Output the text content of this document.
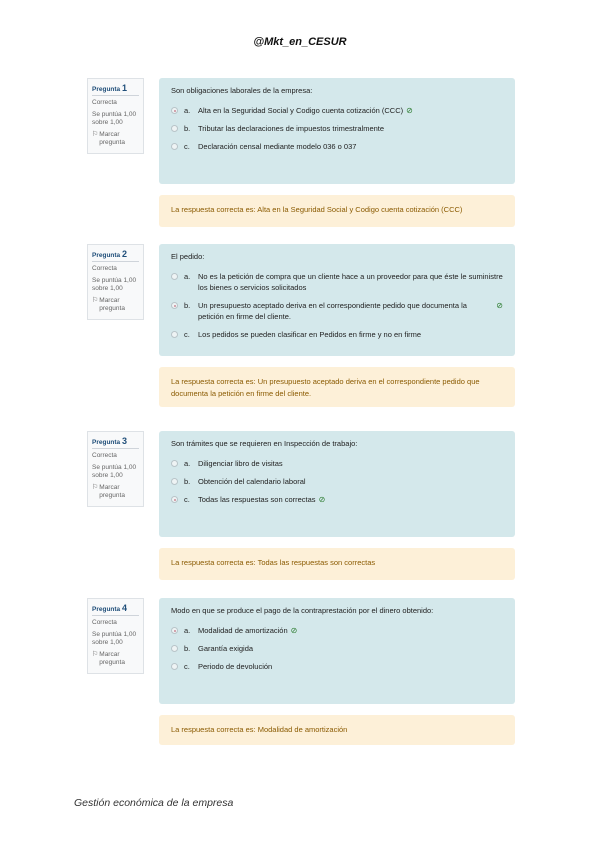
@Mkt_en_CESUR
Pregunta 1
Correcta
Se puntúa 1,00 sobre 1,00
⚐ Marcar pregunta
Son obligaciones laborales de la empresa:
a.	Alta en la Seguridad Social y Codigo cuenta cotización (CCC) ⊘
b.	Tributar las declaraciones de impuestos trimestralmente
c.	Declaración censal mediante modelo 036 o 037
La respuesta correcta es: Alta en la Seguridad Social y Codigo cuenta cotización (CCC)
Pregunta 2
Correcta
Se puntúa 1,00 sobre 1,00
⚐ Marcar pregunta
El pedido:
a.	No es la petición de compra que un cliente hace a un proveedor para que éste le suministre los bienes o servicios solicitados
b.	Un presupuesto aceptado deriva en el correspondiente pedido que documenta la petición en firme del cliente.
⊘
c.	Los pedidos se pueden clasificar en Pedidos en firme y no en firme
La respuesta correcta es: Un presupuesto aceptado deriva en el correspondiente pedido que documenta la petición en firme del cliente.
Pregunta 3
Correcta
Se puntúa 1,00 sobre 1,00
⚐ Marcar pregunta
Son trámites que se requieren en Inspección de trabajo:
a.	Diligenciar libro de visitas
b.	Obtención del calendario laboral
c.	Todas las respuestas son correctas ⊘
La respuesta correcta es: Todas las respuestas son correctas
Pregunta 4
Correcta
Se puntúa 1,00 sobre 1,00
⚐ Marcar pregunta
Modo en que se produce el pago de la contraprestación por el dinero obtenido:
a.	Modalidad de amortización ⊘
b.	Garantía exigida
c.	Periodo de devolución
La respuesta correcta es: Modalidad de amortización
Gestión económica de la empresa
